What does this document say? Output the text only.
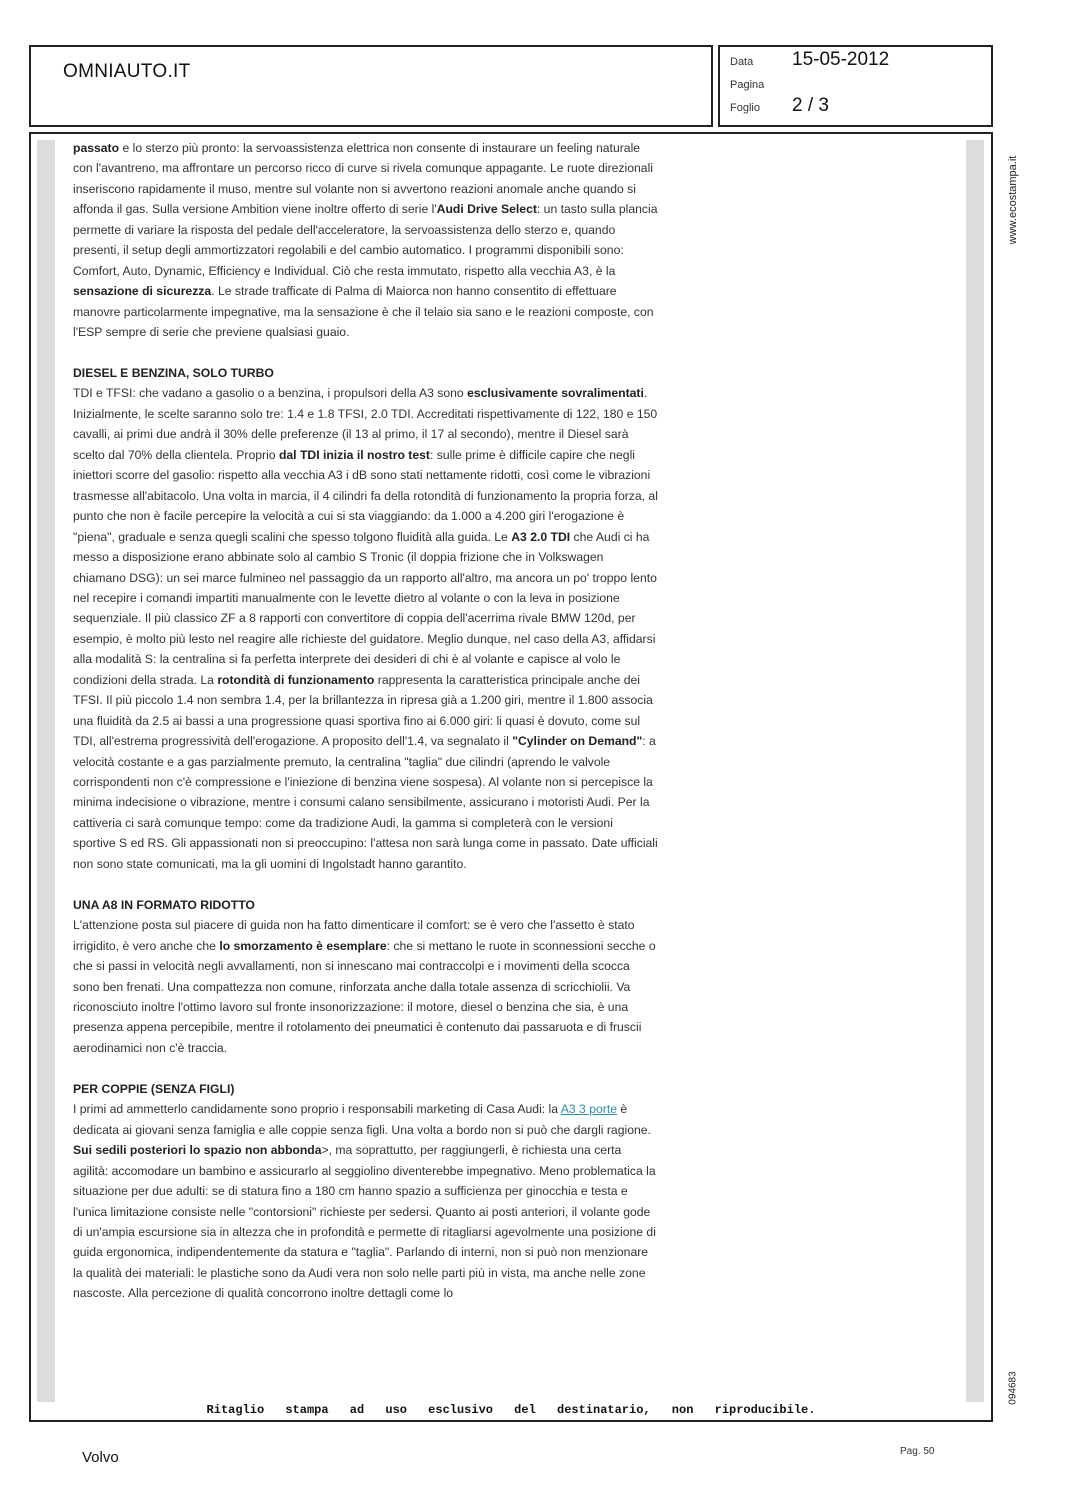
OMNIAUTO.IT	Data 15-05-2012
Pagina
Foglio 2 / 3

passato e lo sterzo più pronto: la servoassistenza elettrica non consente di instaurare un feeling naturale con l'avantreno, ma affrontare un percorso ricco di curve si rivela comunque appagante. Le ruote direzionali inseriscono rapidamente il muso, mentre sul volante non si avvertono reazioni anomale anche quando si affonda il gas. Sulla versione Ambition viene inoltre offerto di serie l'Audi Drive Select: un tasto sulla plancia permette di variare la risposta del pedale dell'acceleratore, la servoassistenza dello sterzo e, quando presenti, il setup degli ammortizzatori regolabili e del cambio automatico. I programmi disponibili sono: Comfort, Auto, Dynamic, Efficiency e Individual. Ciò che resta immutato, rispetto alla vecchia A3, è la sensazione di sicurezza. Le strade trafficate di Palma di Maiorca non hanno consentito di effettuare manovre particolarmente impegnative, ma la sensazione è che il telaio sia sano e le reazioni composte, con l'ESP sempre di serie che previene qualsiasi guaio.

DIESEL E BENZINA, SOLO TURBO

TDI e TFSI: che vadano a gasolio o a benzina, i propulsori della A3 sono esclusivamente sovralimentati. Inizialmente, le scelte saranno solo tre: 1.4 e 1.8 TFSI, 2.0 TDI. Accreditati rispettivamente di 122, 180 e 150 cavalli, ai primi due andrà il 30% delle preferenze (il 13 al primo, il 17 al secondo), mentre il Diesel sarà scelto dal 70% della clientela. Proprio dal TDI inizia il nostro test: sulle prime è difficile capire che negli iniettori scorre del gasolio: rispetto alla vecchia A3 i dB sono stati nettamente ridotti, così come le vibrazioni trasmesse all'abitacolo. Una volta in marcia, il 4 cilindri fa della rotondità di funzionamento la propria forza, al punto che non è facile percepire la velocità a cui si sta viaggiando: da 1.000 a 4.200 giri l'erogazione è "piena", graduale e senza quegli scalini che spesso tolgono fluidità alla guida. Le A3 2.0 TDI che Audi ci ha messo a disposizione erano abbinate solo al cambio S Tronic (il doppia frizione che in Volkswagen chiamano DSG): un sei marce fulmineo nel passaggio da un rapporto all'altro, ma ancora un po' troppo lento nel recepire i comandi impartiti manualmente con le levette dietro al volante o con la leva in posizione sequenziale. Il più classico ZF a 8 rapporti con convertitore di coppia dell'acerrima rivale BMW 120d, per esempio, è molto più lesto nel reagire alle richieste del guidatore. Meglio dunque, nel caso della A3, affidarsi alla modalità S: la centralina si fa perfetta interprete dei desideri di chi è al volante e capisce al volo le condizioni della strada. La rotondità di funzionamento rappresenta la caratteristica principale anche dei TFSI. Il più piccolo 1.4 non sembra 1.4, per la brillantezza in ripresa già a 1.200 giri, mentre il 1.800 associa una fluidità da 2.5 ai bassi a una progressione quasi sportiva fino ai 6.000 giri: li quasi è dovuto, come sul TDI, all'estrema progressività dell'erogazione. A proposito dell'1.4, va segnalato il "Cylinder on Demand": a velocità costante e a gas parzialmente premuto, la centralina "taglia" due cilindri (aprendo le valvole corrispondenti non c'è compressione e l'iniezione di benzina viene sospesa). Al volante non si percepisce la minima indecisione o vibrazione, mentre i consumi calano sensibilmente, assicurano i motoristi Audi. Per la cattiveria ci sarà comunque tempo: come da tradizione Audi, la gamma si completerà con le versioni sportive S ed RS. Gli appassionati non si preoccupino: l'attesa non sarà lunga come in passato. Date ufficiali non sono state comunicati, ma la gli uomini di Ingolstadt hanno garantito.

UNA A8 IN FORMATO RIDOTTO

L'attenzione posta sul piacere di guida non ha fatto dimenticare il comfort: se è vero che l'assetto è stato irrigidito, è vero anche che lo smorzamento è esemplare: che si mettano le ruote in sconnessioni secche o che si passi in velocità negli avvallamenti, non si innescano mai contraccolpi e i movimenti della scocca sono ben frenati. Una compattezza non comune, rinforzata anche dalla totale assenza di scricchiolii. Va riconosciuto inoltre l'ottimo lavoro sul fronte insonorizzazione: il motore, diesel o benzina che sia, è una presenza appena percepibile, mentre il rotolamento dei pneumatici è contenuto dai passaruota e di fruscii aerodinamici non c'è traccia.

PER COPPIE (SENZA FIGLI)

I primi ad ammetterlo candidamente sono proprio i responsabili marketing di Casa Audi: la A3 3 porte è dedicata ai giovani senza famiglia e alle coppie senza figli. Una volta a bordo non si può che dargli ragione. Sui sedili posteriori lo spazio non abbonda>, ma soprattutto, per raggiungerli, è richiesta una certa agilità: accomodare un bambino e assicurarlo al seggiolino diventerebbe impegnativo. Meno problematica la situazione per due adulti: se di statura fino a 180 cm hanno spazio a sufficienza per ginocchia e testa e l'unica limitazione consiste nelle "contorsioni" richieste per sedersi. Quanto ai posti anteriori, il volante gode di un'ampia escursione sia in altezza che in profondità e permette di ritagliarsi agevolmente una posizione di guida ergonomica, indipendentemente da statura e "taglia". Parlando di interni, non si può non menzionare la qualità dei materiali: le plastiche sono da Audi vera non solo nelle parti più in vista, ma anche nelle zone nascoste. Alla percezione di qualità concorrono inoltre dettagli come lo

Ritaglio stampa ad uso esclusivo del destinatario, non riproducibile.
www.ecostampa.it
094683
Volvo	Pag. 50
